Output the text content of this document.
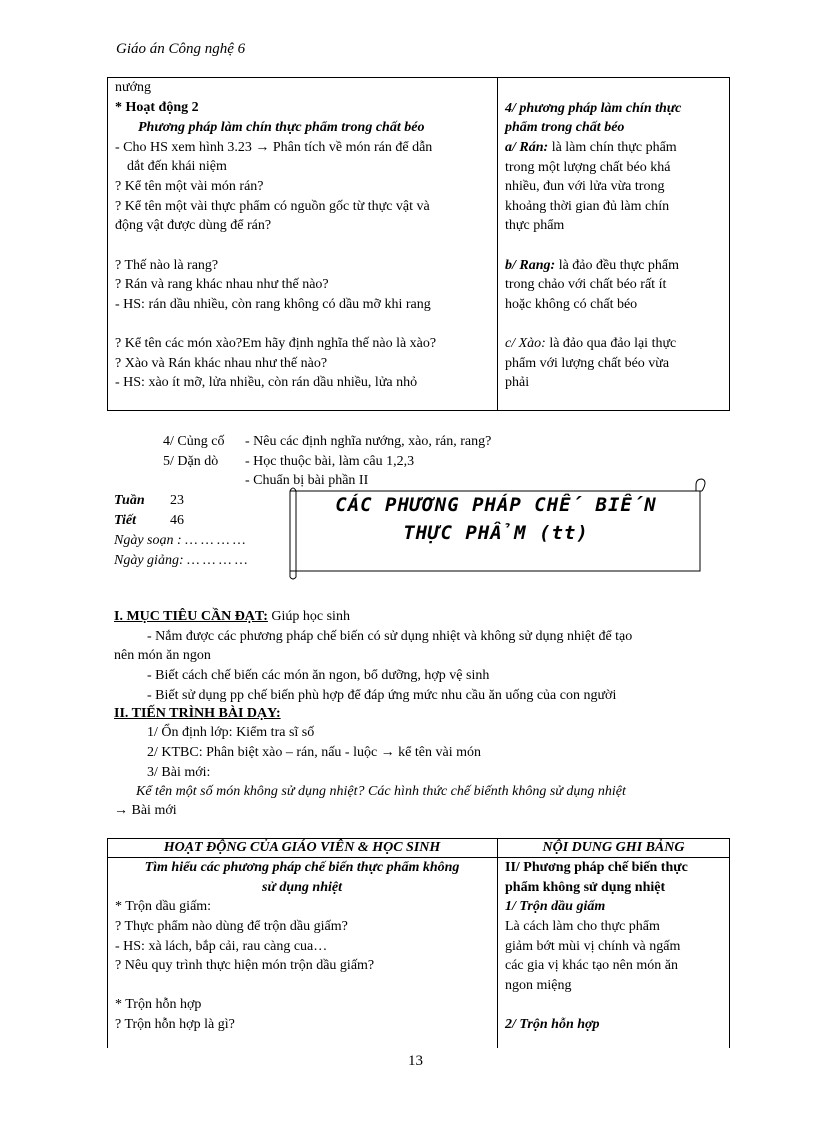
Giáo án Công nghệ 6
nướng
* Hoạt động 2
Phương pháp làm chín thực phẩm trong chất béo
- Cho HS xem hình 3.23 → Phân tích về món rán để dẫn
dắt đến khái niệm
? Kể tên một vài món rán?
? Kể tên một vài thực phẩm có nguồn gốc từ thực vật và
động vật được dùng để rán?
? Thế nào là rang?
? Rán và rang khác nhau như thế nào?
- HS: rán dầu nhiều, còn rang không có dầu mỡ khi rang
? Kể tên các món xào?Em hãy định nghĩa thế nào là xào?
? Xào và Rán khác nhau như thế nào?
- HS: xào ít mỡ, lửa nhiều, còn rán dầu nhiều, lửa nhỏ
4/ phương pháp làm chín thực
phẩm trong chất béo
a/ Rán: là làm chín thực phẩm
trong một lượng chất béo khá
nhiều, đun với lửa vừa trong
khoảng thời gian đủ làm chín
thực phẩm
b/ Rang: là đảo đều thực phẩm
trong chảo với chất béo rất ít
hoặc không có chất béo
c/ Xào: là đảo qua đảo lại thực
phẩm với lượng chất béo vừa
phải
4/ Củng cố - Nêu các định nghĩa nướng, xào, rán, rang?
5/ Dặn dò - Học thuộc bài, làm câu 1,2,3
- Chuẩn bị bài phần II
Tuần 23
Tiết 46
Ngày soạn : … … … …
Ngày giảng: … … … …
CÁC PHƯƠNG PHÁP CHẾ BIẾN
THỰC PHẨM (tt)
I. MỤC TIÊU CẦN ĐẠT: Giúp học sinh
- Nắm được các phương pháp chế biến có sử dụng nhiệt và không sử dụng nhiệt để tạo
nên món ăn ngon
- Biết cách chế biến các món ăn ngon, bổ dưỡng, hợp vệ sinh
- Biết sử dụng pp chế biến phù hợp để đáp ứng mức nhu cầu ăn uống của con người
II. TIẾN TRÌNH BÀI DẠY:
1/ Ổn định lớp: Kiểm tra sĩ số
2/ KTBC: Phân biệt xào – rán, nấu - luộc → kể tên vài món
3/ Bài mới:
Kể tên một số món không sử dụng nhiệt? Các hình thức chế biếnth không sử dụng nhiệt
→ Bài mới
HOẠT ĐỘNG CỦA GIÁO VIÊN & HỌC SINH	NỘI DUNG GHI BẢNG
Tìm hiểu các phương pháp chế biến thực phẩm không
sử dụng nhiệt
* Trộn dầu giấm:
? Thực phẩm nào dùng để trộn dầu giấm?
- HS: xà lách, bắp cải, rau càng cua…
? Nêu quy trình thực hiện món trộn dầu giấm?
* Trộn hỗn hợp
? Trộn hỗn hợp là gì?
II/ Phương pháp chế biến thực
phẩm không sử dụng nhiệt
1/ Trộn dầu giấm
Là cách làm cho thực phẩm
giảm bớt mùi vị chính và ngấm
các gia vị khác tạo nên món ăn
ngon miệng
2/ Trộn hỗn hợp
13
